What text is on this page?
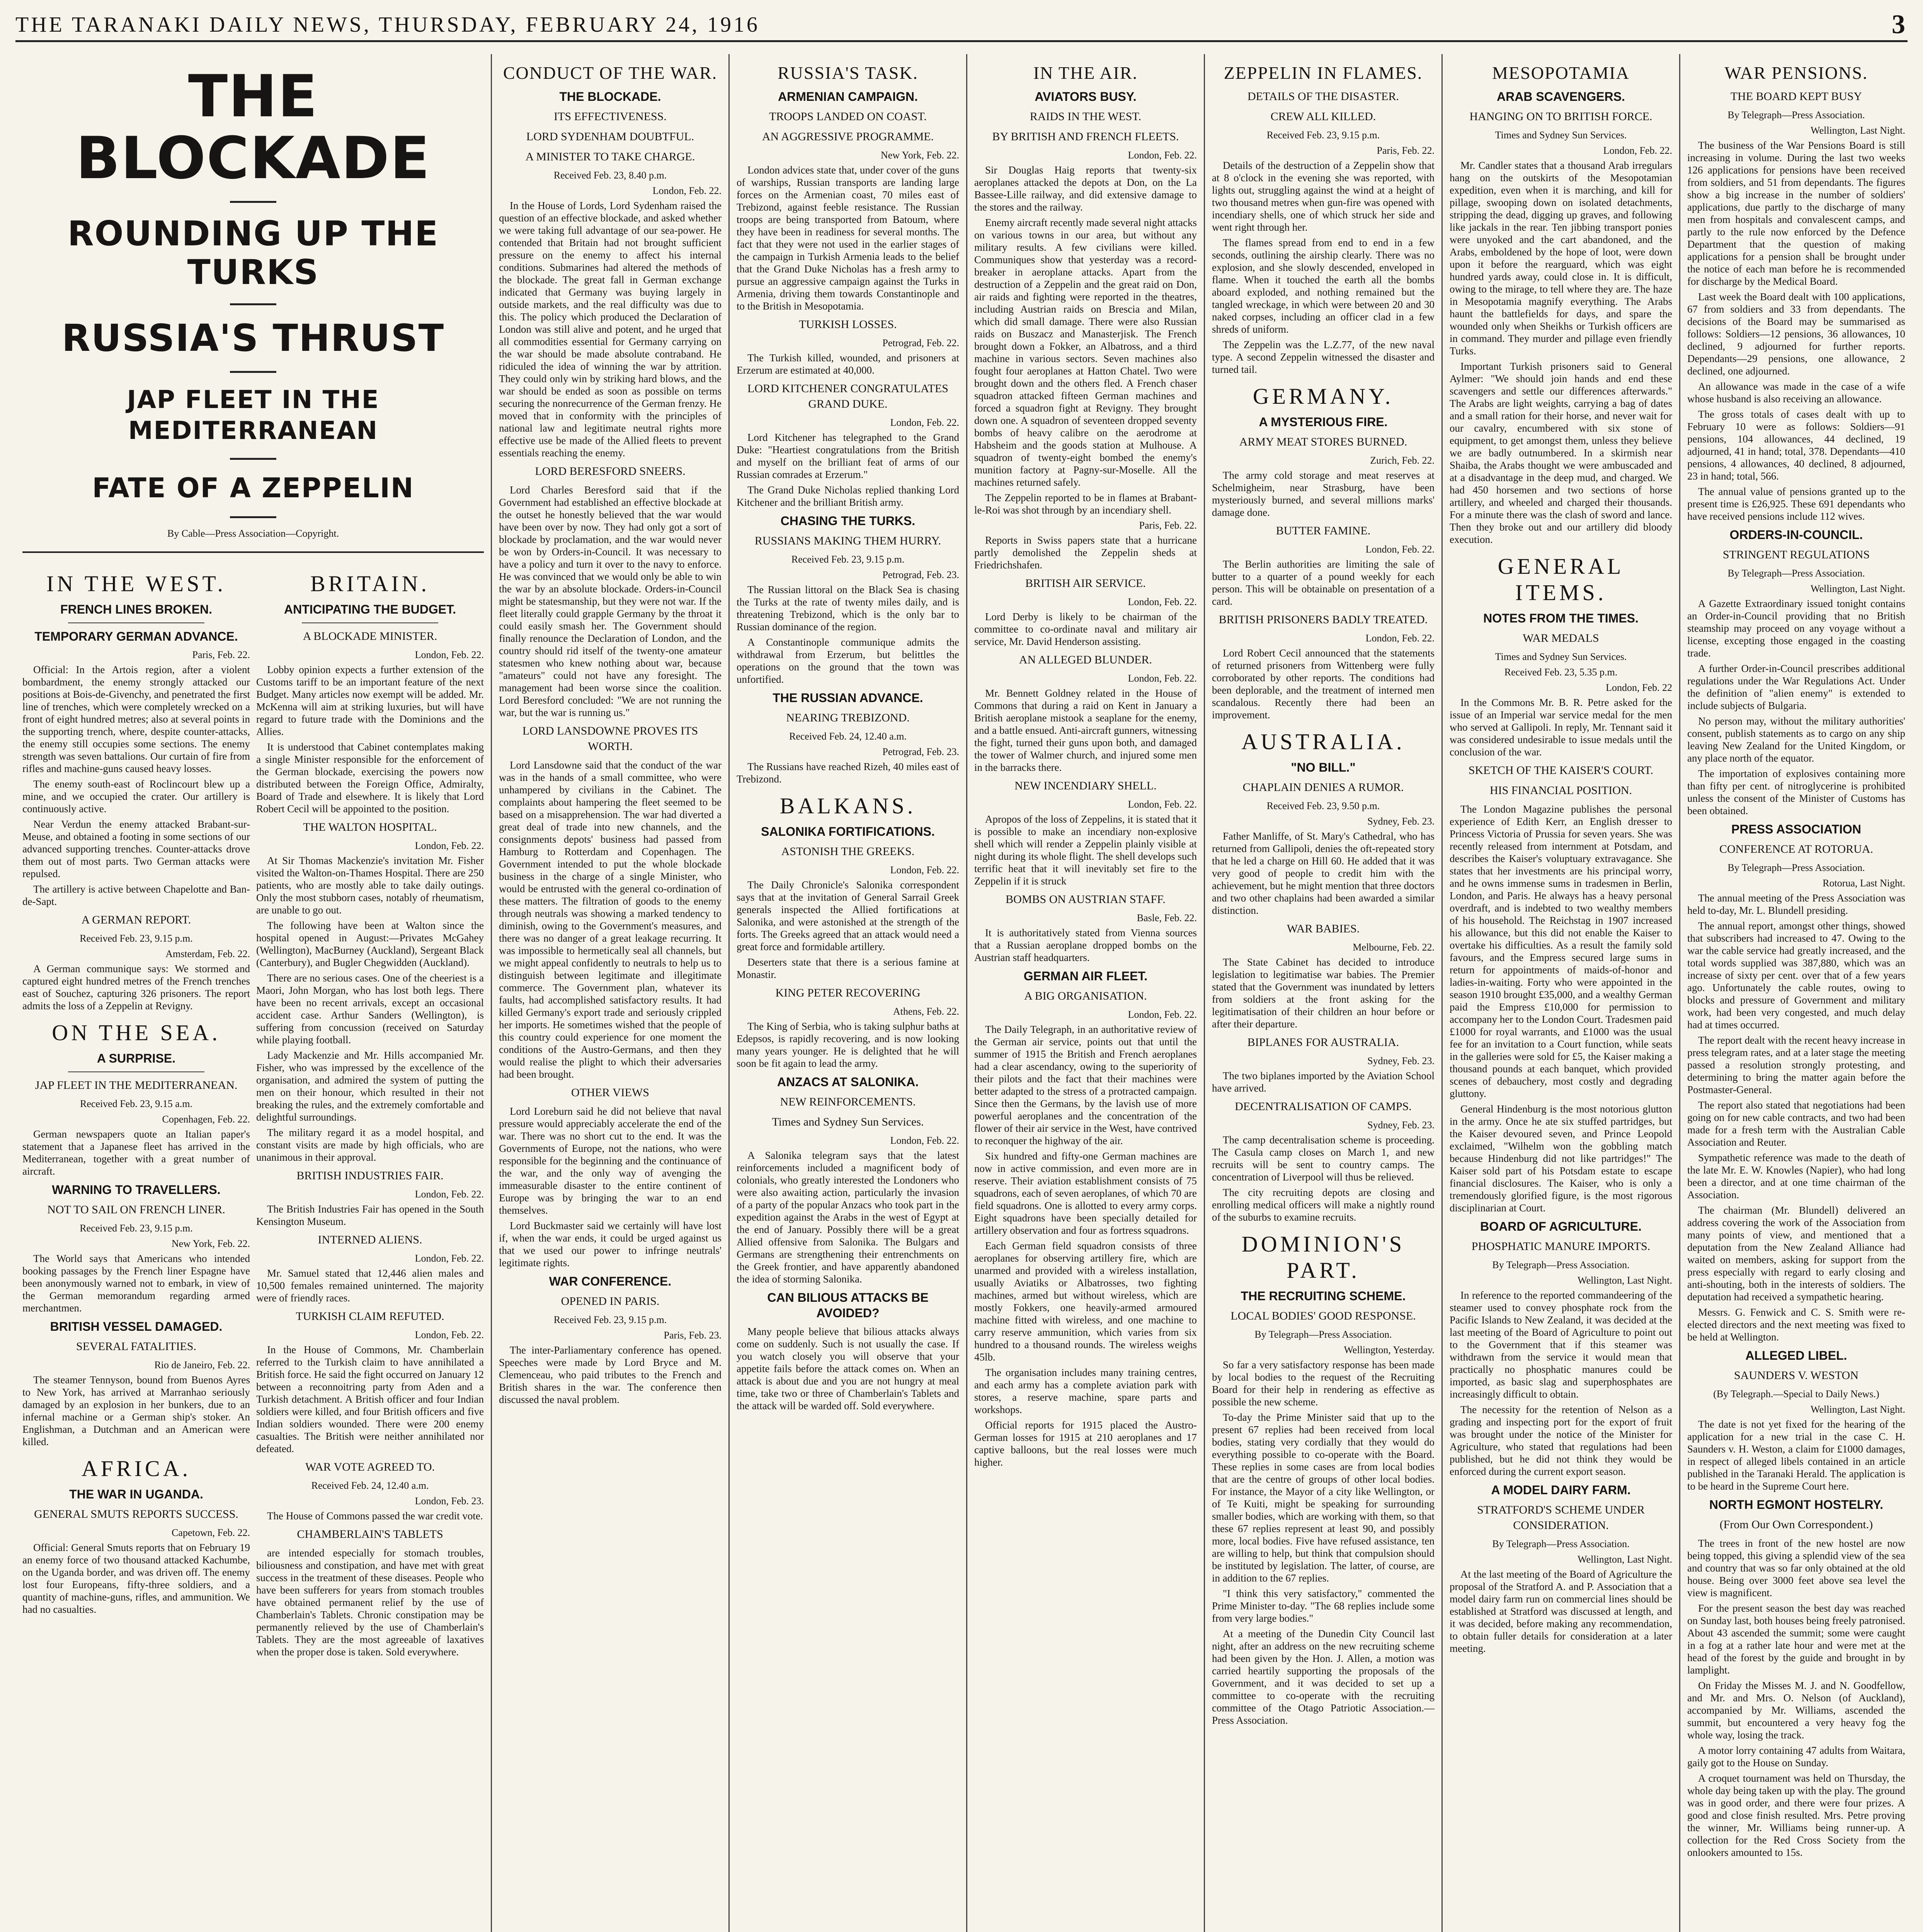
THE TARANAKI DAILY NEWS, THURSDAY, FEBRUARY 24, 1916	3
THE BLOCKADE
ROUNDING UP THE TURKS
RUSSIA'S THRUST
JAP FLEET IN THE MEDITERRANEAN
FATE OF A ZEPPELIN
By Cable—Press Association—Copyright.
IN THE WEST.
FRENCH LINES BROKEN.
TEMPORARY GERMAN ADVANCE.
Paris, Feb. 22.

Official: In the Artois region, after a violent bombardment, the enemy strongly attacked our positions at Bois-de-Givenchy, and penetrated the first line of trenches, which were completely wrecked on a front of eight hundred metres; also at several points in the supporting trench, where, despite counter-attacks, the enemy still occupies some sections. The enemy strength was seven battalions. Our curtain of fire from rifles and machine-guns caused heavy losses.

The enemy south-east of Roclincourt blew up a mine, and we occupied the crater. Our artillery is continuously active.

Near Verdun the enemy attacked Brabant-sur-Meuse, and obtained a footing in some sections of our advanced supporting trenches. Counter-attacks drove them out of most parts. Two German attacks were repulsed.

The artillery is active between Chapelotte and Ban-de-Sapt.

A GERMAN REPORT.
Received Feb. 23, 9.15 p.m.
Amsterdam, Feb. 22.

A German communique says: We stormed and captured eight hundred metres of the French trenches east of Souchez, capturing 326 prisoners. The report admits the loss of a Zeppelin at Revigny.

ON THE SEA.
A SURPRISE.
JAP FLEET IN THE MEDITERRANEAN.
Received Feb. 23, 9.15 a.m.
Copenhagen, Feb. 22.

German newspapers quote an Italian paper's statement that a Japanese fleet has arrived in the Mediterranean, together with a great number of aircraft.

WARNING TO TRAVELLERS.
NOT TO SAIL ON FRENCH LINER.
Received Feb. 23, 9.15 p.m.
New York, Feb. 22.

The World says that Americans who intended booking passages by the French liner Espagne have been anonymously warned not to embark, in view of the German memorandum regarding armed merchantmen.

BRITISH VESSEL DAMAGED.
SEVERAL FATALITIES.
Rio de Janeiro, Feb. 22.

The steamer Tennyson, bound from Buenos Ayres to New York, has arrived at Marranhao seriously damaged by an explosion in her bunkers, due to an infernal machine or a German ship's stoker. An Englishman, a Dutchman and an American were killed.

AFRICA.
THE WAR IN UGANDA.
GENERAL SMUTS REPORTS SUCCESS.
Capetown, Feb. 22.

Official: General Smuts reports that on February 19 an enemy force of two thousand attacked Kachumbe, on the Uganda border, and was driven off. The enemy lost four Europeans, fifty-three soldiers, and a quantity of machine-guns, rifles, and ammunition. We had no casualties.

BRITAIN.
ANTICIPATING THE BUDGET.
A BLOCKADE MINISTER.
London, Feb. 22.

Lobby opinion expects a further extension of the Customs tariff to be an important feature of the next Budget. Many articles now exempt will be added. Mr. McKenna will aim at striking luxuries, but will have regard to future trade with the Dominions and the Allies.

It is understood that Cabinet contemplates making a single Minister responsible for the enforcement of the German blockade, exercising the powers now distributed between the Foreign Office, Admiralty, Board of Trade and elsewhere. It is likely that Lord Robert Cecil will be appointed to the position.

THE WALTON HOSPITAL.
London, Feb. 22.

At Sir Thomas Mackenzie's invitation Mr. Fisher visited the Walton-on-Thames Hospital. There are 250 patients, who are mostly able to take daily outings. Only the most stubborn cases, notably of rheumatism, are unable to go out.

The following have been at Walton since the hospital opened in August:—Privates McGahey (Wellington), MacBurney (Auckland), Sergeant Black (Canterbury), and Bugler Chegwidden (Auckland).

There are no serious cases. One of the cheeriest is a Maori, John Morgan, who has lost both legs. There have been no recent arrivals, except an occasional accident case. Arthur Sanders (Wellington), is suffering from concussion (received on Saturday while playing football.

Lady Mackenzie and Mr. Hills accompanied Mr. Fisher, who was impressed by the excellence of the organisation, and admired the system of putting the men on their honour, which resulted in their not breaking the rules, and the extremely comfortable and delightful surroundings.

The military regard it as a model hospital, and constant visits are made by high officials, who are unanimous in their approval.

BRITISH INDUSTRIES FAIR.
London, Feb. 22.

The British Industries Fair has opened in the South Kensington Museum.

INTERNED ALIENS.
London, Feb. 22.

Mr. Samuel stated that 12,446 alien males and 10,500 females remained uninterned. The majority were of friendly races.

TURKISH CLAIM REFUTED.
London, Feb. 22.

In the House of Commons, Mr. Chamberlain referred to the Turkish claim to have annihilated a British force. He said the fight occurred on January 12 between a reconnoitring party from Aden and a Turkish detachment. A British officer and four Indian soldiers were killed, and four British officers and five Indian soldiers wounded. There were 200 enemy casualties. The British were neither annihilated nor defeated.

WAR VOTE AGREED TO.
Received Feb. 24, 12.40 a.m.
London, Feb. 23.

The House of Commons passed the war credit vote.

CHAMBERLAIN'S TABLETS

are intended especially for stomach troubles, biliousness and constipation, and have met with great success in the treatment of these diseases. People who have been sufferers for years from stomach troubles have obtained permanent relief by the use of Chamberlain's Tablets. Chronic constipation may be permanently relieved by the use of Chamberlain's Tablets. They are the most agreeable of laxatives when the proper dose is taken. Sold everywhere.

CONDUCT OF THE WAR.
THE BLOCKADE.
ITS EFFECTIVENESS.
LORD SYDENHAM DOUBTFUL.
A MINISTER TO TAKE CHARGE.
Received Feb. 23, 8.40 p.m.
London, Feb. 22.

In the House of Lords, Lord Sydenham raised the question of an effective blockade, and asked whether we were taking full advantage of our sea-power. He contended that Britain had not brought sufficient pressure on the enemy to affect his internal conditions. Submarines had altered the methods of the blockade. The great fall in German exchange indicated that Germany was buying largely in outside markets, and the real difficulty was due to this. The policy which produced the Declaration of London was still alive and potent, and he urged that all commodities essential for Germany carrying on the war should be made absolute contraband. He ridiculed the idea of winning the war by attrition. They could only win by striking hard blows, and the war should be ended as soon as possible on terms securing the nonrecurrence of the German frenzy. He moved that in conformity with the principles of national law and legitimate neutral rights more effective use be made of the Allied fleets to prevent essentials reaching the enemy.

LORD BERESFORD SNEERS.

Lord Charles Beresford said that if the Government had established an effective blockade at the outset he honestly believed that the war would have been over by now. They had only got a sort of blockade by proclamation, and the war would never be won by Orders-in-Council. It was necessary to have a policy and turn it over to the navy to enforce. He was convinced that we would only be able to win the war by an absolute blockade. Orders-in-Council might be statesmanship, but they were not war. If the fleet literally could grapple Germany by the throat it could easily smash her. The Government should finally renounce the Declaration of London, and the country should rid itself of the twenty-one amateur statesmen who knew nothing about war, because "amateurs" could not have any foresight. The management had been worse since the coalition. Lord Beresford concluded: "We are not running the war, but the war is running us."

LORD LANSDOWNE PROVES ITS WORTH.

Lord Lansdowne said that the conduct of the war was in the hands of a small committee, who were unhampered by civilians in the Cabinet. The complaints about hampering the fleet seemed to be based on a misapprehension. The war had diverted a great deal of trade into new channels, and the consignments depots' business had passed from Hamburg to Rotterdam and Copenhagen. The Government intended to put the whole blockade business in the charge of a single Minister, who would be entrusted with the general co-ordination of these matters. The filtration of goods to the enemy through neutrals was showing a marked tendency to diminish, owing to the Government's measures, and there was no danger of a great leakage recurring. It was impossible to hermetically seal all channels, but we might appeal confidently to neutrals to help us to distinguish between legitimate and illegitimate commerce. The Government plan, whatever its faults, had accomplished satisfactory results. It had killed Germany's export trade and seriously crippled her imports. He sometimes wished that the people of this country could experience for one moment the conditions of the Austro-Germans, and then they would realise the plight to which their adversaries had been brought.

OTHER VIEWS

Lord Loreburn said he did not believe that naval pressure would appreciably accelerate the end of the war. There was no short cut to the end. It was the Governments of Europe, not the nations, who were responsible for the beginning and the continuance of the war, and the only way of avenging the immeasurable disaster to the entire continent of Europe was by bringing the war to an end themselves.

Lord Buckmaster said we certainly will have lost if, when the war ends, it could be urged against us that we used our power to infringe neutrals' legitimate rights.

WAR CONFERENCE.
OPENED IN PARIS.
Received Feb. 23, 9.15 p.m.
Paris, Feb. 23.

The inter-Parliamentary conference has opened. Speeches were made by Lord Bryce and M. Clemenceau, who paid tributes to the French and British shares in the war. The conference then discussed the naval problem.

RUSSIA'S TASK.
ARMENIAN CAMPAIGN.
TROOPS LANDED ON COAST.
AN AGGRESSIVE PROGRAMME.
New York, Feb. 22.

London advices state that, under cover of the guns of warships, Russian transports are landing large forces on the Armenian coast, 70 miles east of Trebizond, against feeble resistance. The Russian troops are being transported from Batoum, where they have been in readiness for several months. The fact that they were not used in the earlier stages of the campaign in Turkish Armenia leads to the belief that the Grand Duke Nicholas has a fresh army to pursue an aggressive campaign against the Turks in Armenia, driving them towards Constantinople and to the British in Mesopotamia.

TURKISH LOSSES.
Petrograd, Feb. 22.

The Turkish killed, wounded, and prisoners at Erzerum are estimated at 40,000.

LORD KITCHENER CONGRATULATES GRAND DUKE.
London, Feb. 22.

Lord Kitchener has telegraphed to the Grand Duke: "Heartiest congratulations from the British and myself on the brilliant feat of arms of our Russian comrades at Erzerum."

The Grand Duke Nicholas replied thanking Lord Kitchener and the brilliant British army.

CHASING THE TURKS.
RUSSIANS MAKING THEM HURRY.
Received Feb. 23, 9.15 p.m.
Petrograd, Feb. 23.

The Russian littoral on the Black Sea is chasing the Turks at the rate of twenty miles daily, and is threatening Trebizond, which is the only bar to Russian dominance of the region.

A Constantinople communique admits the withdrawal from Erzerum, but belittles the operations on the ground that the town was unfortified.

THE RUSSIAN ADVANCE.
NEARING TREBIZOND.
Received Feb. 24, 12.40 a.m.
Petrograd, Feb. 23.

The Russians have reached Rizeh, 40 miles east of Trebizond.

BALKANS.
SALONIKA FORTIFICATIONS.
ASTONISH THE GREEKS.
London, Feb. 22.

The Daily Chronicle's Salonika correspondent says that at the invitation of General Sarrail Greek generals inspected the Allied fortifications at Salonika, and were astonished at the strength of the forts. The Greeks agreed that an attack would need a great force and formidable artillery.

Deserters state that there is a serious famine at Monastir.

KING PETER RECOVERING
Athens, Feb. 22.

The King of Serbia, who is taking sulphur baths at Edepsos, is rapidly recovering, and is now looking many years younger. He is delighted that he will soon be fit again to lead the army.

ANZACS AT SALONIKA.
NEW REINFORCEMENTS.
Times and Sydney Sun Services.
London, Feb. 22.

A Salonika telegram says that the latest reinforcements included a magnificent body of colonials, who greatly interested the Londoners who were also awaiting action, particularly the invasion of a party of the popular Anzacs who took part in the expedition against the Arabs in the west of Egypt at the end of January. Possibly there will be a great Allied offensive from Salonika. The Bulgars and Germans are strengthening their entrenchments on the Greek frontier, and have apparently abandoned the idea of storming Salonika.

CAN BILIOUS ATTACKS BE AVOIDED?

Many people believe that bilious attacks always come on suddenly. Such is not usually the case. If you watch closely you will observe that your appetite fails before the attack comes on. When an attack is about due and you are not hungry at meal time, take two or three of Chamberlain's Tablets and the attack will be warded off. Sold everywhere.

IN THE AIR.
AVIATORS BUSY.
RAIDS IN THE WEST.
BY BRITISH AND FRENCH FLEETS.
London, Feb. 22.

Sir Douglas Haig reports that twenty-six aeroplanes attacked the depots at Don, on the La Bassee-Lille railway, and did extensive damage to the stores and the railway.

Enemy aircraft recently made several night attacks on various towns in our area, but without any military results. A few civilians were killed. Communiques show that yesterday was a record-breaker in aeroplane attacks. Apart from the destruction of a Zeppelin and the great raid on Don, air raids and fighting were reported in the theatres, including Austrian raids on Brescia and Milan, which did small damage. There were also Russian raids on Buszacz and Manasterjisk. The French brought down a Fokker, an Albatross, and a third machine in various sectors. Seven machines also fought four aeroplanes at Hatton Chatel. Two were brought down and the others fled. A French chaser squadron attacked fifteen German machines and forced a squadron fight at Revigny. They brought down one. A squadron of seventeen dropped seventy bombs of heavy calibre on the aerodrome at Habsheim and the goods station at Mulhouse. A squadron of twenty-eight bombed the enemy's munition factory at Pagny-sur-Moselle. All the machines returned safely.

The Zeppelin reported to be in flames at Brabant-le-Roi was shot through by an incendiary shell.

Paris, Feb. 22.

Reports in Swiss papers state that a hurricane partly demolished the Zeppelin sheds at Friedrichshafen.

BRITISH AIR SERVICE.
London, Feb. 22.

Lord Derby is likely to be chairman of the committee to co-ordinate naval and military air service, Mr. David Henderson assisting.

AN ALLEGED BLUNDER.
London, Feb. 22.

Mr. Bennett Goldney related in the House of Commons that during a raid on Kent in January a British aeroplane mistook a seaplane for the enemy, and a battle ensued. Anti-aircraft gunners, witnessing the fight, turned their guns upon both, and damaged the tower of Walmer church, and injured some men in the barracks there.

NEW INCENDIARY SHELL.
London, Feb. 22.

Apropos of the loss of Zeppelins, it is stated that it is possible to make an incendiary non-explosive shell which will render a Zeppelin plainly visible at night during its whole flight. The shell develops such terrific heat that it will inevitably set fire to the Zeppelin if it is struck

BOMBS ON AUSTRIAN STAFF.
Basle, Feb. 22.

It is authoritatively stated from Vienna sources that a Russian aeroplane dropped bombs on the Austrian staff headquarters.

GERMAN AIR FLEET.
A BIG ORGANISATION.
London, Feb. 22.

The Daily Telegraph, in an authoritative review of the German air service, points out that until the summer of 1915 the British and French aeroplanes had a clear ascendancy, owing to the superiority of their pilots and the fact that their machines were better adapted to the stress of a protracted campaign. Since then the Germans, by the lavish use of more powerful aeroplanes and the concentration of the flower of their air service in the West, have contrived to reconquer the highway of the air.

Six hundred and fifty-one German machines are now in active commission, and even more are in reserve. Their aviation establishment consists of 75 squadrons, each of seven aeroplanes, of which 70 are field squadrons. One is allotted to every army corps. Eight squadrons have been specially detailed for artillery observation and four as fortress squadrons.

Each German field squadron consists of three aeroplanes for observing artillery fire, which are unarmed and provided with a wireless installation, usually Aviatiks or Albatrosses, two fighting machines, armed but without wireless, which are mostly Fokkers, one heavily-armed armoured machine fitted with wireless, and one machine to carry reserve ammunition, which varies from six hundred to a thousand rounds. The wireless weighs 45lb.

The organisation includes many training centres, and each army has a complete aviation park with stores, a reserve machine, spare parts and workshops.

Official reports for 1915 placed the Austro-German losses for 1915 at 210 aeroplanes and 17 captive balloons, but the real losses were much higher.

ZEPPELIN IN FLAMES.
DETAILS OF THE DISASTER.
CREW ALL KILLED.
Received Feb. 23, 9.15 p.m.
Paris, Feb. 22.

Details of the destruction of a Zeppelin show that at 8 o'clock in the evening she was reported, with lights out, struggling against the wind at a height of two thousand metres when gun-fire was opened with incendiary shells, one of which struck her side and went right through her.

The flames spread from end to end in a few seconds, outlining the airship clearly. There was no explosion, and she slowly descended, enveloped in flame. When it touched the earth all the bombs aboard exploded, and nothing remained but the tangled wreckage, in which were between 20 and 30 naked corpses, including an officer clad in a few shreds of uniform.

The Zeppelin was the L.Z.77, of the new naval type. A second Zeppelin witnessed the disaster and turned tail.

GERMANY.
A MYSTERIOUS FIRE.
ARMY MEAT STORES BURNED.
Zurich, Feb. 22.

The army cold storage and meat reserves at Schelmigheim, near Strasburg, have been mysteriously burned, and several millions marks' damage done.

BUTTER FAMINE.
London, Feb. 22.

The Berlin authorities are limiting the sale of butter to a quarter of a pound weekly for each person. This will be obtainable on presentation of a card.

BRITISH PRISONERS BADLY TREATED.
London, Feb. 22.

Lord Robert Cecil announced that the statements of returned prisoners from Wittenberg were fully corroborated by other reports. The conditions had been deplorable, and the treatment of interned men scandalous. Recently there had been an improvement.

AUSTRALIA.
"NO BILL."
CHAPLAIN DENIES A RUMOR.
Received Feb. 23, 9.50 p.m.
Sydney, Feb. 23.

Father Manliffe, of St. Mary's Cathedral, who has returned from Gallipoli, denies the oft-repeated story that he led a charge on Hill 60. He added that it was very good of people to credit him with the achievement, but he might mention that three doctors and two other chaplains had been awarded a similar distinction.

WAR BABIES.
Melbourne, Feb. 22.

The State Cabinet has decided to introduce legislation to legitimatise war babies. The Premier stated that the Government was inundated by letters from soldiers at the front asking for the legitimatisation of their children an hour before or after their departure.

BIPLANES FOR AUSTRALIA.
Sydney, Feb. 23.

The two biplanes imported by the Aviation School have arrived.

DECENTRALISATION OF CAMPS.
Sydney, Feb. 23.

The camp decentralisation scheme is proceeding. The Casula camp closes on March 1, and new recruits will be sent to country camps. The concentration of Liverpool will thus be relieved.

The city recruiting depots are closing and enrolling medical officers will make a nightly round of the suburbs to examine recruits.

DOMINION'S PART.
THE RECRUITING SCHEME.
LOCAL BODIES' GOOD RESPONSE.
By Telegraph—Press Association.
Wellington, Yesterday.

So far a very satisfactory response has been made by local bodies to the request of the Recruiting Board for their help in rendering as effective as possible the new scheme.

To-day the Prime Minister said that up to the present 67 replies had been received from local bodies, stating very cordially that they would do everything possible to co-operate with the Board. These replies in some cases are from local bodies that are the centre of groups of other local bodies. For instance, the Mayor of a city like Wellington, or of Te Kuiti, might be speaking for surrounding smaller bodies, which are working with them, so that these 67 replies represent at least 90, and possibly more, local bodies. Five have refused assistance, ten are willing to help, but think that compulsion should be instituted by legislation. The latter, of course, are in addition to the 67 replies.

"I think this very satisfactory," commented the Prime Minister to-day. "The 68 replies include some from very large bodies."

At a meeting of the Dunedin City Council last night, after an address on the new recruiting scheme had been given by the Hon. J. Allen, a motion was carried heartily supporting the proposals of the Government, and it was decided to set up a committee to co-operate with the recruiting committee of the Otago Patriotic Association.—Press Association.

MESOPOTAMIA
ARAB SCAVENGERS.
HANGING ON TO BRITISH FORCE.
Times and Sydney Sun Services.
London, Feb. 22.

Mr. Candler states that a thousand Arab irregulars hang on the outskirts of the Mesopotamian expedition, even when it is marching, and kill for pillage, swooping down on isolated detachments, stripping the dead, digging up graves, and following like jackals in the rear. Ten jibbing transport ponies were unyoked and the cart abandoned, and the Arabs, emboldened by the hope of loot, were down upon it before the rearguard, which was eight hundred yards away, could close in. It is difficult, owing to the mirage, to tell where they are. The haze in Mesopotamia magnify everything. The Arabs haunt the battlefields for days, and spare the wounded only when Sheikhs or Turkish officers are in command. They murder and pillage even friendly Turks.

Important Turkish prisoners said to General Aylmer: "We should join hands and end these scavengers and settle our differences afterwards." The Arabs are light weights, carrying a bag of dates and a small ration for their horse, and never wait for our cavalry, encumbered with six stone of equipment, to get amongst them, unless they believe we are badly outnumbered. In a skirmish near Shaiba, the Arabs thought we were ambuscaded and at a disadvantage in the deep mud, and charged. We had 450 horsemen and two sections of horse artillery, and wheeled and charged their thousands. For a minute there was the clash of sword and lance. Then they broke out and our artillery did bloody execution.

GENERAL ITEMS.
NOTES FROM THE TIMES.
WAR MEDALS
Times and Sydney Sun Services.
Received Feb. 23, 5.35 p.m.
London, Feb. 22

In the Commons Mr. B. R. Petre asked for the issue of an Imperial war service medal for the men who served at Gallipoli. In reply, Mr. Tennant said it was considered undesirable to issue medals until the conclusion of the war.

SKETCH OF THE KAISER'S COURT.
HIS FINANCIAL POSITION.

The London Magazine publishes the personal experience of Edith Kerr, an English dresser to Princess Victoria of Prussia for seven years. She was recently released from internment at Potsdam, and describes the Kaiser's voluptuary extravagance. She states that her investments are his principal worry, and he owns immense sums in tradesmen in Berlin, London, and Paris. He always has a heavy personal overdraft, and is indebted to two wealthy members of his household. The Reichstag in 1907 increased his allowance, but this did not enable the Kaiser to overtake his difficulties. As a result the family sold favours, and the Empress secured large sums in return for appointments of maids-of-honor and ladies-in-waiting. Forty who were appointed in the season 1910 brought £35,000, and a wealthy German paid the Empress £10,000 for permission to accompany her to the London Court. Tradesmen paid £1000 for royal warrants, and £1000 was the usual fee for an invitation to a Court function, while seats in the galleries were sold for £5, the Kaiser making a thousand pounds at each banquet, which provided scenes of debauchery, most costly and degrading gluttony.

General Hindenburg is the most notorious glutton in the army. Once he ate six stuffed partridges, but the Kaiser devoured seven, and Prince Leopold exclaimed, "Wilhelm won the gobbling match because Hindenburg did not like partridges!" The Kaiser sold part of his Potsdam estate to escape financial disclosures. The Kaiser, who is only a tremendously glorified figure, is the most rigorous disciplinarian at Court.

BOARD OF AGRICULTURE.
PHOSPHATIC MANURE IMPORTS.
By Telegraph—Press Association.
Wellington, Last Night.

In reference to the reported commandeering of the steamer used to convey phosphate rock from the Pacific Islands to New Zealand, it was decided at the last meeting of the Board of Agriculture to point out to the Government that if this steamer was withdrawn from the service it would mean that practically no phosphatic manures could be imported, as basic slag and superphosphates are increasingly difficult to obtain.

The necessity for the retention of Nelson as a grading and inspecting port for the export of fruit was brought under the notice of the Minister for Agriculture, who stated that regulations had been published, but he did not think they would be enforced during the current export season.

A MODEL DAIRY FARM.
STRATFORD'S SCHEME UNDER CONSIDERATION.
By Telegraph—Press Association.
Wellington, Last Night.

At the last meeting of the Board of Agriculture the proposal of the Stratford A. and P. Association that a model dairy farm run on commercial lines should be established at Stratford was discussed at length, and it was decided, before making any recommendation, to obtain fuller details for consideration at a later meeting.

WAR PENSIONS.
THE BOARD KEPT BUSY
By Telegraph—Press Association.
Wellington, Last Night.

The business of the War Pensions Board is still increasing in volume. During the last two weeks 126 applications for pensions have been received from soldiers, and 51 from dependants. The figures show a big increase in the number of soldiers' applications, due partly to the discharge of many men from hospitals and convalescent camps, and partly to the rule now enforced by the Defence Department that the question of making applications for a pension shall be brought under the notice of each man before he is recommended for discharge by the Medical Board.

Last week the Board dealt with 100 applications, 67 from soldiers and 33 from dependants. The decisions of the Board may be summarised as follows: Soldiers—12 pensions, 36 allowances, 10 declined, 9 adjourned for further reports. Dependants—29 pensions, one allowance, 2 declined, one adjourned.

An allowance was made in the case of a wife whose husband is also receiving an allowance.

The gross totals of cases dealt with up to February 10 were as follows: Soldiers—91 pensions, 104 allowances, 44 declined, 19 adjourned, 41 in hand; total, 378. Dependants—410 pensions, 4 allowances, 40 declined, 8 adjourned, 23 in hand; total, 566.

The annual value of pensions granted up to the present time is £26,925. These 691 dependants who have received pensions include 112 wives.

ORDERS-IN-COUNCIL.
STRINGENT REGULATIONS
By Telegraph—Press Association.
Wellington, Last Night.

A Gazette Extraordinary issued tonight contains an Order-in-Council providing that no British steamship may proceed on any voyage without a license, excepting those engaged in the coasting trade.

A further Order-in-Council prescribes additional regulations under the War Regulations Act. Under the definition of "alien enemy" is extended to include subjects of Bulgaria.

No person may, without the military authorities' consent, publish statements as to cargo on any ship leaving New Zealand for the United Kingdom, or any place north of the equator.

The importation of explosives containing more than fifty per cent. of nitroglycerine is prohibited unless the consent of the Minister of Customs has been obtained.

PRESS ASSOCIATION
CONFERENCE AT ROTORUA.
By Telegraph—Press Association.
Rotorua, Last Night.

The annual meeting of the Press Association was held to-day, Mr. L. Blundell presiding.

The annual report, amongst other things, showed that subscribers had increased to 47. Owing to the war the cable service had greatly increased, and the total words supplied was 387,880, which was an increase of sixty per cent. over that of a few years ago. Unfortunately the cable routes, owing to blocks and pressure of Government and military work, had been very congested, and much delay had at times occurred.

The report dealt with the recent heavy increase in press telegram rates, and at a later stage the meeting passed a resolution strongly protesting, and determining to bring the matter again before the Postmaster-General.

The report also stated that negotiations had been going on for new cable contracts, and two had been made for a fresh term with the Australian Cable Association and Reuter.

Sympathetic reference was made to the death of the late Mr. E. W. Knowles (Napier), who had long been a director, and at one time chairman of the Association.

The chairman (Mr. Blundell) delivered an address covering the work of the Association from many points of view, and mentioned that a deputation from the New Zealand Alliance had waited on members, asking for support from the press especially with regard to early closing and anti-shouting, both in the interests of soldiers. The deputation had received a sympathetic hearing.

Messrs. G. Fenwick and C. S. Smith were re-elected directors and the next meeting was fixed to be held at Wellington.

ALLEGED LIBEL.
SAUNDERS V. WESTON
(By Telegraph.—Special to Daily News.)
Wellington, Last Night.

The date is not yet fixed for the hearing of the application for a new trial in the case C. H. Saunders v. H. Weston, a claim for £1000 damages, in respect of alleged libels contained in an article published in the Taranaki Herald. The application is to be heard in the Supreme Court here.

NORTH EGMONT HOSTELRY.
(From Our Own Correspondent.)

The trees in front of the new hostel are now being topped, this giving a splendid view of the sea and country that was so far only obtained at the old house. Being over 3000 feet above sea level the view is magnificent.

For the present season the best day was reached on Sunday last, both houses being freely patronised. About 43 ascended the summit; some were caught in a fog at a rather late hour and were met at the head of the forest by the guide and brought in by lamplight.

On Friday the Misses M. J. and N. Goodfellow, and Mr. and Mrs. O. Nelson (of Auckland), accompanied by Mr. Williams, ascended the summit, but encountered a very heavy fog the whole way, losing the track.

A motor lorry containing 47 adults from Waitara, gaily got to the House on Sunday.

A croquet tournament was held on Thursday, the whole day being taken up with the play. The ground was in good order, and there were four prizes. A good and close finish resulted. Mrs. Petre proving the winner, Mr. Williams being runner-up. A collection for the Red Cross Society from the onlookers amounted to 15s.
